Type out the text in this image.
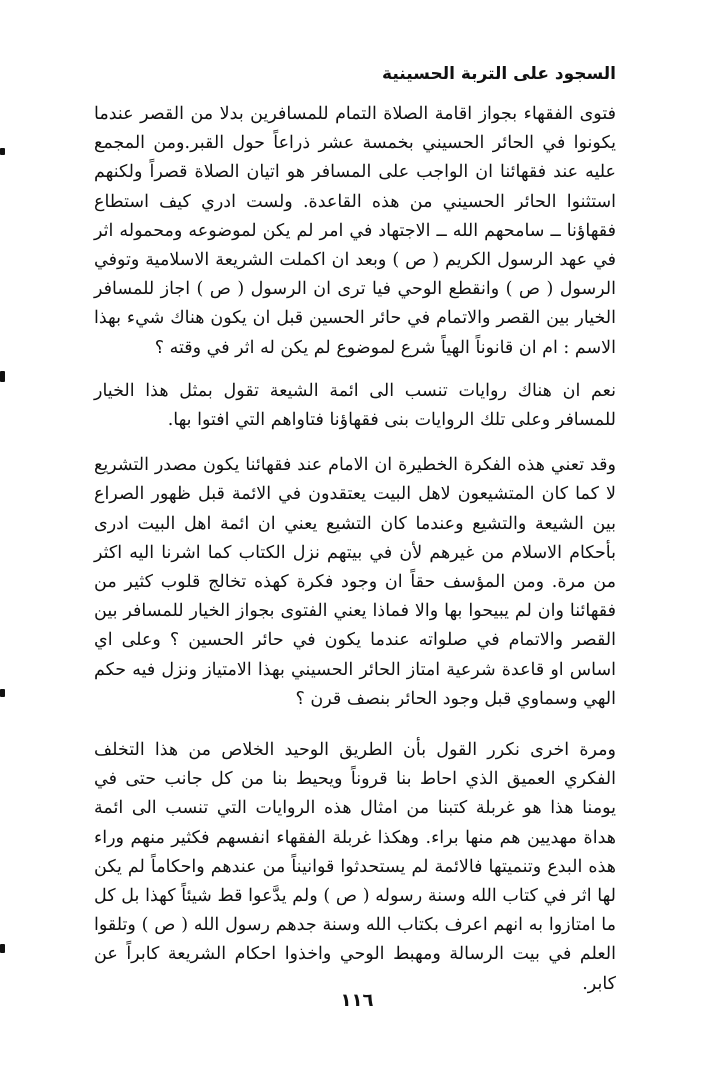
السجود على التربة الحسينية

فتوى الفقهاء بجواز اقامة الصلاة التمام للمسافرين بدلا من القصر عندما يكونوا في الحائر الحسيني بخمسة عشر ذراعاً حول القبر.ومن المجمع عليه عند فقهائنا ان الواجب على المسافر هو اتيان الصلاة قصراً ولكنهم استثنوا الحائر الحسيني من هذه القاعدة. ولست ادري كيف استطاع فقهاؤنا ــ سامحهم الله ــ الاجتهاد في امر لم يكن لموضوعه ومحموله اثر في عهد الرسول الكريم ( ص ) وبعد ان اكملت الشريعة الاسلامية وتوفي الرسول ( ص ) وانقطع الوحي فيا ترى ان الرسول ( ص ) اجاز للمسافر الخيار بين القصر والاتمام في حائر الحسين قبل ان يكون هناك شيء بهذا الاسم : ام ان قانوناً الهياً شرع لموضوع لم يكن له اثر في وقته ؟

نعم ان هناك روايات تنسب الى ائمة الشيعة تقول بمثل هذا الخيار للمسافر وعلى تلك الروايات بنى فقهاؤنا فتاواهم التي افتوا بها.

وقد تعني هذه الفكرة الخطيرة ان الامام عند فقهائنا يكون مصدر التشريع لا كما كان المتشيعون لاهل البيت يعتقدون في الائمة قبل ظهور الصراع بين الشيعة والتشيع وعندما كان التشيع يعني ان ائمة اهل البيت ادرى بأحكام الاسلام من غيرهم لأن في بيتهم نزل الكتاب كما اشرنا اليه اكثر من مرة. ومن المؤسف حقاً ان وجود فكرة كهذه تخالج قلوب كثير من فقهائنا وان لم يبيحوا بها والا فماذا يعني الفتوى بجواز الخيار للمسافر بين القصر والاتمام في صلواته عندما يكون في حائر الحسين ؟ وعلى اي اساس او قاعدة شرعية امتاز الحائر الحسيني بهذا الامتياز ونزل فيه حكم الهي وسماوي قبل وجود الحائر بنصف قرن ؟

ومرة اخرى نكرر القول بأن الطريق الوحيد الخلاص من هذا التخلف الفكري العميق الذي احاط بنا قروناً ويحيط بنا من كل جانب حتى في يومنا هذا هو غربلة كتبنا من امثال هذه الروايات التي تنسب الى ائمة هداة مهديين هم منها براء. وهكذا غربلة الفقهاء انفسهم فكثير منهم وراء هذه البدع وتنميتها فالائمة لم يستحدثوا قوانيناً من عندهم واحكاماً لم يكن لها اثر في كتاب الله وسنة رسوله ( ص ) ولم يدَّعوا قط شيئاً كهذا بل كل ما امتازوا به انهم اعرف بكتاب الله وسنة جدهم رسول الله ( ص ) وتلقوا العلم في بيت الرسالة ومهبط الوحي واخذوا احكام الشريعة كابراً عن كابر.

١١٦
